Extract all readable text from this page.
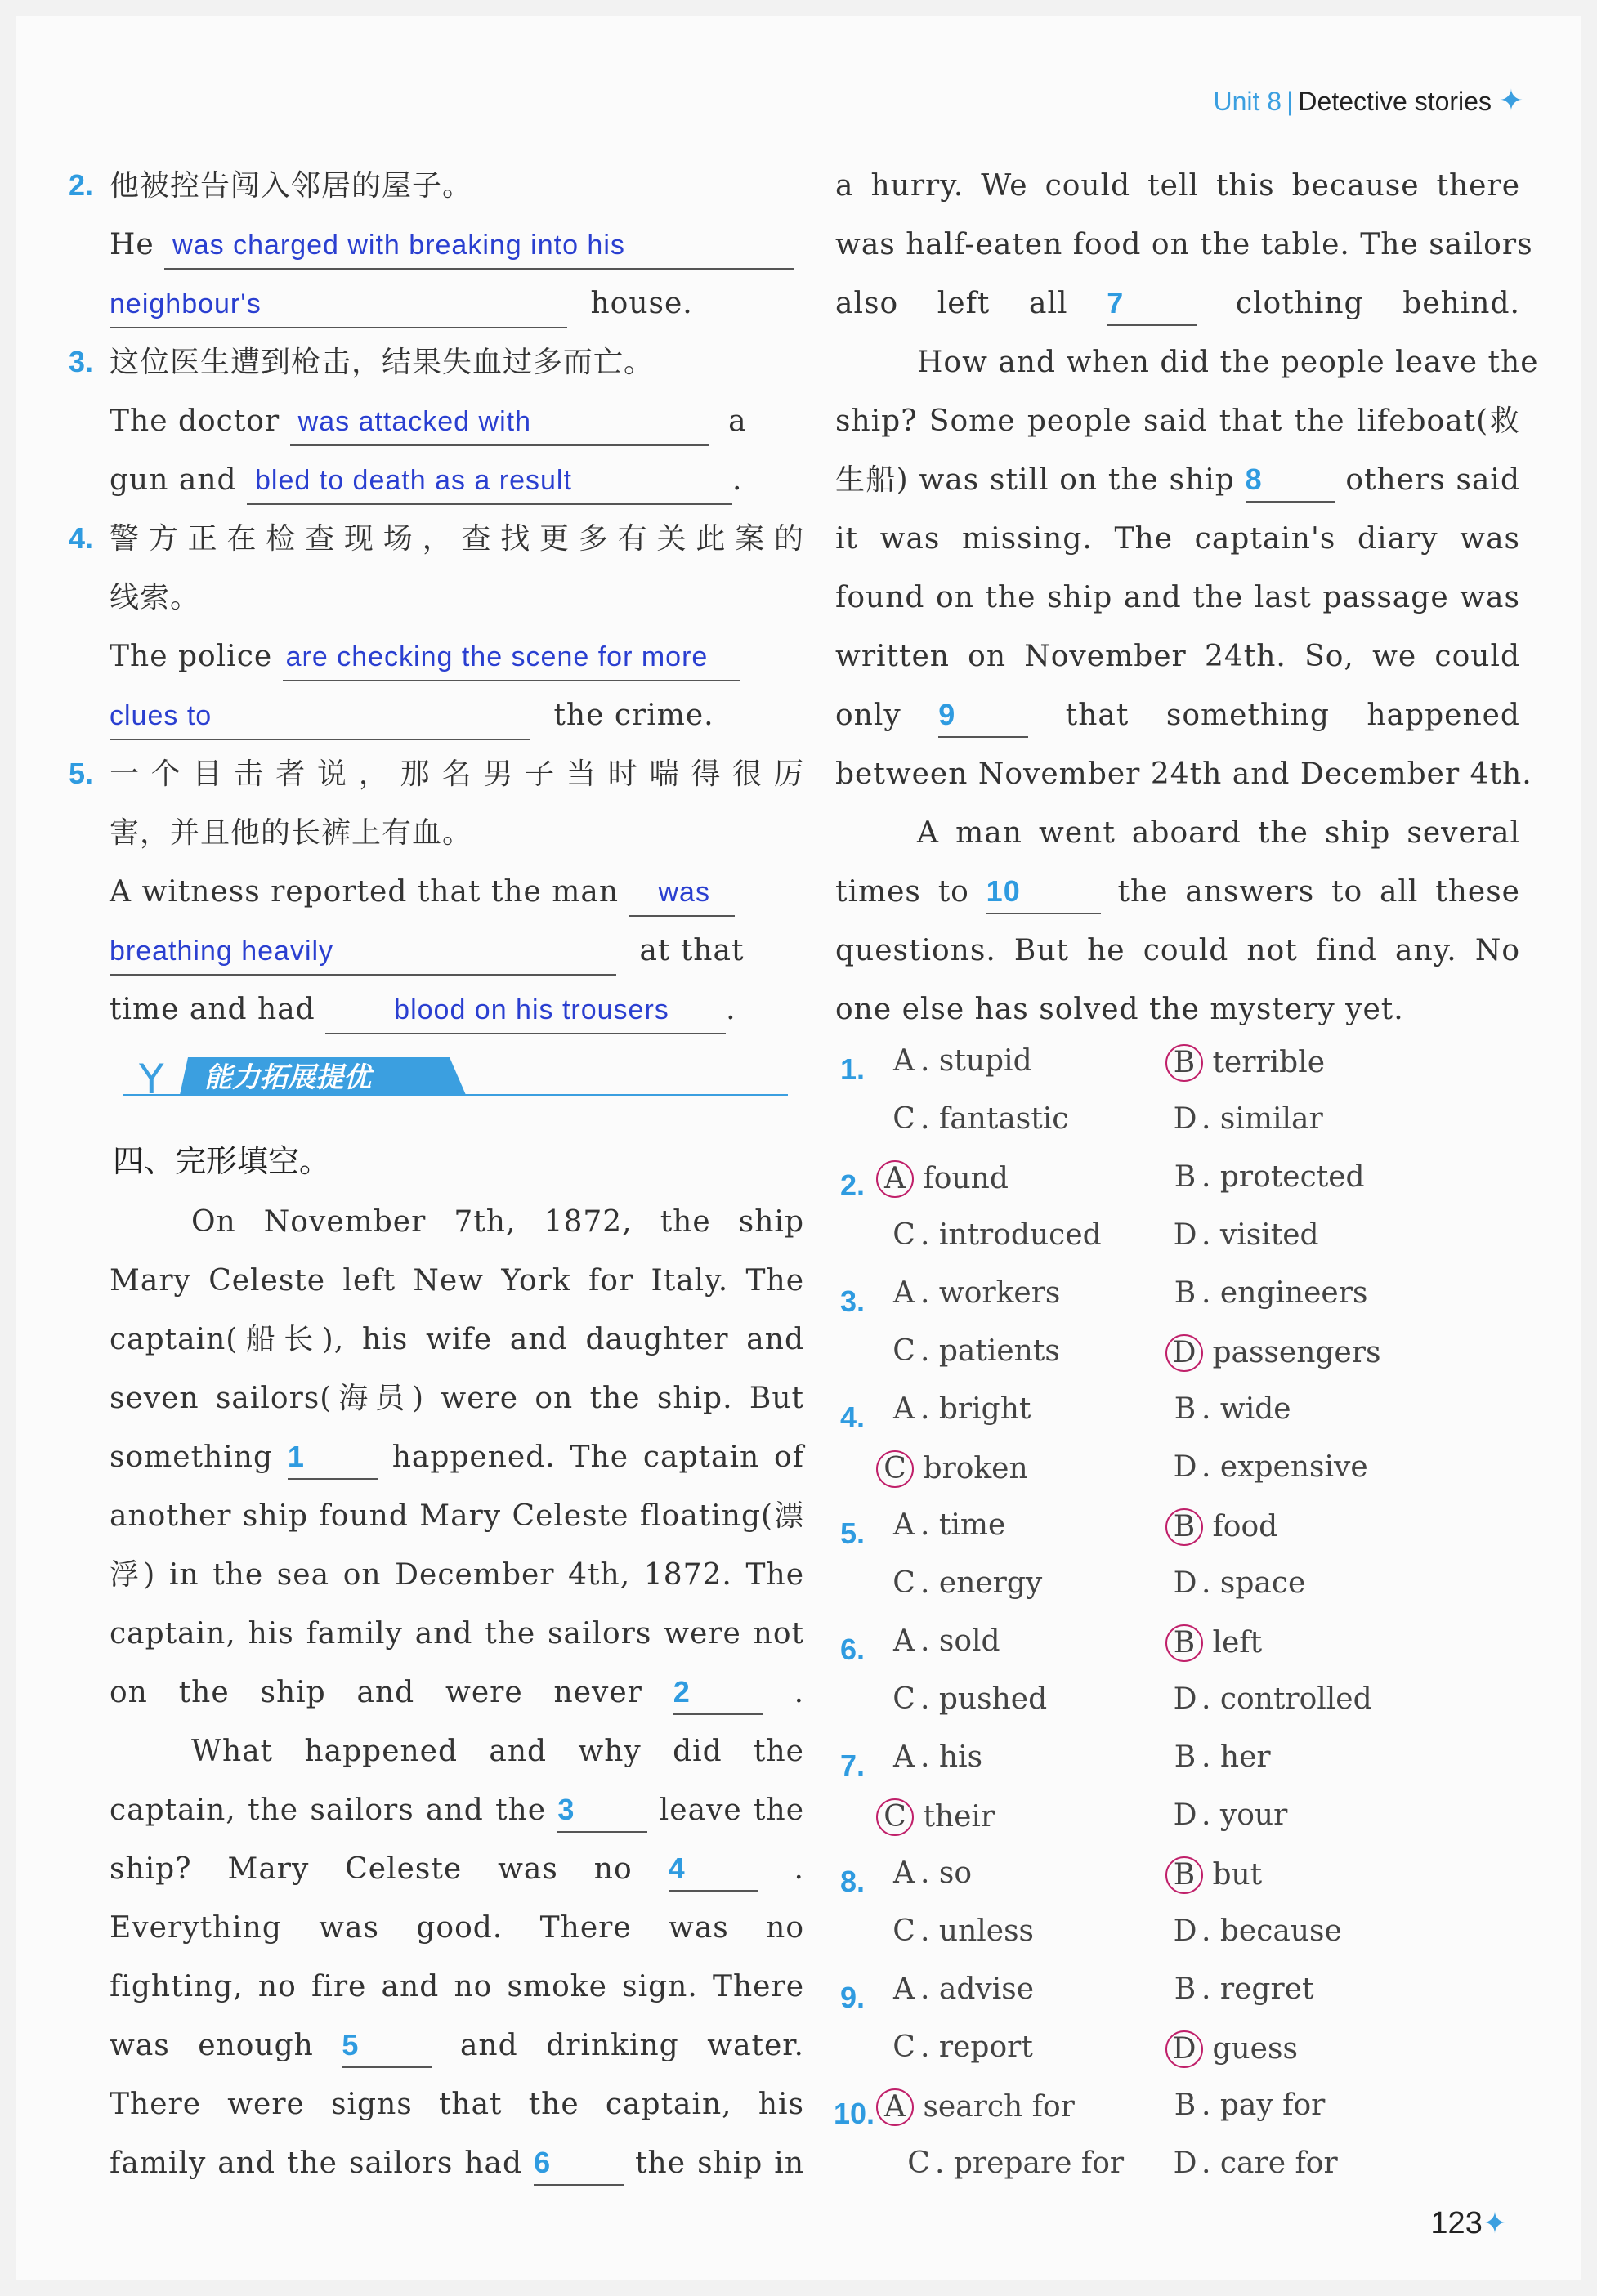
Unit 8 | Detective stories ✦
2. 他被控告闯入邻居的屋子。
He was charged with breaking into his
neighbour's	house.
3. 这位医生遭到枪击，结果失血过多而亡。
The doctor was attacked with	a
gun and bled to death as a result	.
4. 警方正在检查现场，查找更多有关此案的
线索。
The police are checking the scene for more
clues to	the crime.
5. 一个目击者说，那名男子当时喘得很厉
害，并且他的长裤上有血。
A witness reported that the man was
breathing heavily	at that
time and had	blood on his trousers .
能力拓展提优
Y
四、完形填空。
On November 7th, 1872, the ship
Mary Celeste left New York for Italy. The
captain(船长), his wife and daughter and
seven sailors(海员) were on the ship. But
something 1	happened. The captain of
another ship found Mary Celeste floating(漂
浮) in the sea on December 4th, 1872. The
captain, his family and the sailors were not
on the ship and were never 2	.
What happened and why did the
captain, the sailors and the 3	leave the
ship? Mary Celeste was no 4	.
Everything was good. There was no
fighting, no fire and no smoke sign. There
was enough 5	and drinking water.
There were signs that the captain, his
family and the sailors had 6	the ship in
a hurry. We could tell this because there
was half-eaten food on the table. The sailors
also left all 7	clothing behind.
How and when did the people leave the
ship? Some people said that the lifeboat(救
生船) was still on the ship 8	others said
it was missing. The captain's diary was
found on the ship and the last passage was
written on November 24th. So, we could
only 9	that something happened
between November 24th and December 4th.
A man went aboard the ship several
times to 10	the answers to all these
questions. But he could not find any. No
one else has solved the mystery yet.
1. A . stupid	B terrible
C . fantastic	D . similar
2. A found	B . protected
C . introduced D . visited
3. A . workers	B . engineers
C . patients	D passengers
4. A . bright	B . wide
C broken	D . expensive
5. A . time	B food
C . energy	D . space
6. A . sold	B left
C . pushed	D . controlled
7. A . his	B . her
C their	D . your
8. A . so	B but
C . unless	D . because
9. A . advise	B . regret
C . report	D guess
10. A search for	B . pay for
C . prepare for D . care for
123✦
